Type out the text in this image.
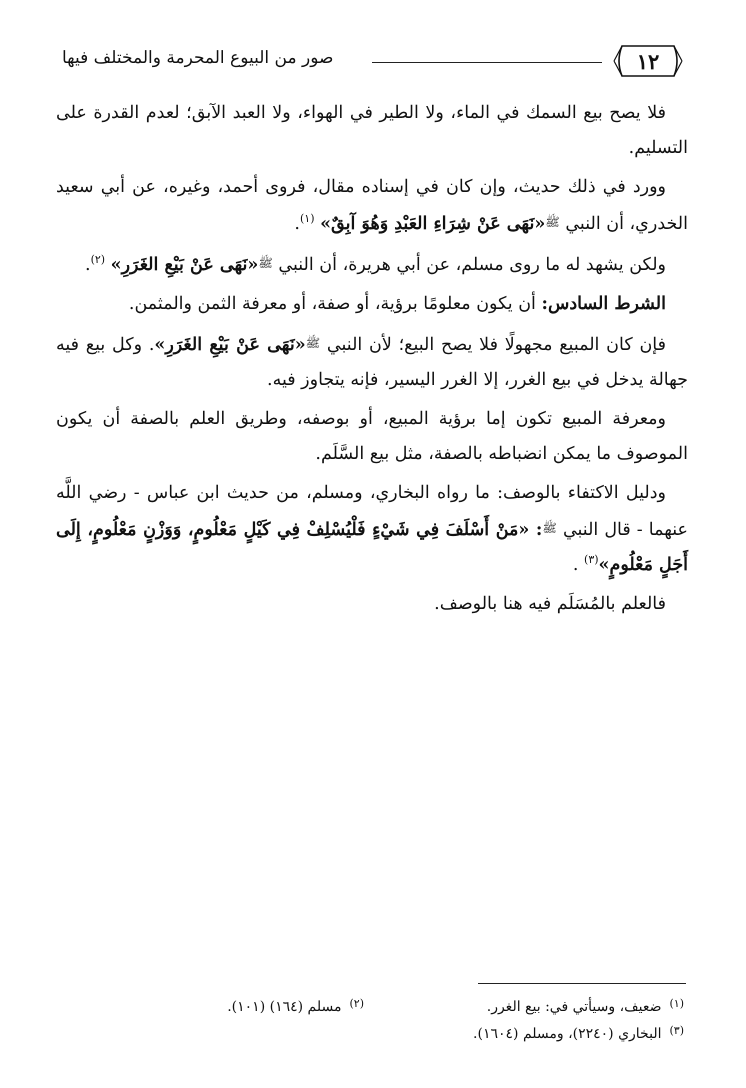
١٢
صور من البيوع المحرمة والمختلف فيها

فلا يصح بيع السمك في الماء، ولا الطير في الهواء، ولا العبد الآبق؛ لعدم القدرة على التسليم.

وورد في ذلك حديث، وإن كان في إسناده مقال، فروى أحمد، وغيره، عن أبي سعيد الخدري، أن النبي ﷺ«نَهَى عَنْ شِرَاءِ العَبْدِ وَهُوَ آبِقٌ» $^{(١)}$.

ولكن يشهد له ما روى مسلم، عن أبي هريرة، أن النبي ﷺ«نَهَى عَنْ بَيْعِ الغَرَرِ» $^{(٢)}$.

الشرط السادس: أن يكون معلومًا برؤية، أو صفة، أو معرفة الثمن والمثمن.

فإن كان المبيع مجهولًا فلا يصح البيع؛ لأن النبي ﷺ«نَهَى عَنْ بَيْعِ الغَرَرِ». وكل بيع فيه جهالة يدخل في بيع الغرر، إلا الغرر اليسير، فإنه يتجاوز فيه.

ومعرفة المبيع تكون إما برؤية المبيع، أو بوصفه، وطريق العلم بالصفة أن يكون الموصوف ما يمكن انضباطه بالصفة، مثل بيع السَّلَم.

ودليل الاكتفاء بالوصف: ما رواه البخاري، ومسلم، من حديث ابن عباس - رضي اللَّه عنهما - قال النبي ﷺ: «مَنْ أَسْلَفَ فِي شَيْءٍ فَلْيُسْلِفْ فِي كَيْلٍ مَعْلُومٍ، وَوَزْنٍ مَعْلُومٍ، إِلَى أَجَلٍ مَعْلُومٍ»$^{(٣)}$ .

فالعلم بالمُسَلَم فيه هنا بالوصف.

$^{(١)}$ضعيف، وسيأتي في: بيع الغرر.
$^{(٢)}$مسلم (١٦٤) (١٠١).
$^{(٣)}$البخاري (٢٢٤٠)، ومسلم (١٦٠٤).
